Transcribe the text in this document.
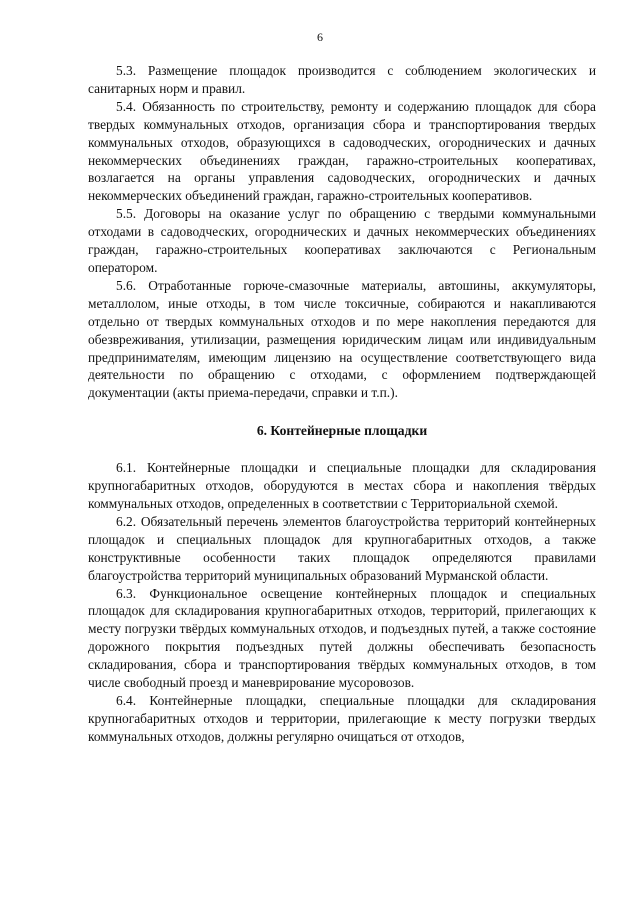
6

5.3. Размещение площадок производится с соблюдением экологических и санитарных норм и правил.

5.4. Обязанность по строительству, ремонту и содержанию площадок для сбора твердых коммунальных отходов, организация сбора и транспортирования твердых коммунальных отходов, образующихся в садоводческих, огороднических и дачных некоммерческих объединениях граждан, гаражно-строительных кооперативах, возлагается на органы управления садоводческих, огороднических и дачных некоммерческих объединений граждан, гаражно-строительных кооперативов.

5.5. Договоры на оказание услуг по обращению с твердыми коммунальными отходами в садоводческих, огороднических и дачных некоммерческих объединениях граждан, гаражно-строительных кооперативах заключаются с Региональным оператором.

5.6. Отработанные горюче-смазочные материалы, автошины, аккумуляторы, металлолом, иные отходы, в том числе токсичные, собираются и накапливаются отдельно от твердых коммунальных отходов и по мере накопления передаются для обезвреживания, утилизации, размещения юридическим лицам или индивидуальным предпринимателям, имеющим лицензию на осуществление соответствующего вида деятельности по обращению с отходами, с оформлением подтверждающей документации (акты приема-передачи, справки и т.п.).

6. Контейнерные площадки

6.1. Контейнерные площадки и специальные площадки для складирования крупногабаритных отходов, оборудуются в местах сбора и накопления твёрдых коммунальных отходов, определенных в соответствии с Территориальной схемой.

6.2. Обязательный перечень элементов благоустройства территорий контейнерных площадок и специальных площадок для крупногабаритных отходов, а также конструктивные особенности таких площадок определяются правилами благоустройства территорий муниципальных образований Мурманской области.

6.3. Функциональное освещение контейнерных площадок и специальных площадок для складирования крупногабаритных отходов, территорий, прилегающих к месту погрузки твёрдых коммунальных отходов, и подъездных путей, а также состояние дорожного покрытия подъездных путей должны обеспечивать безопасность складирования, сбора и транспортирования твёрдых коммунальных отходов, в том числе свободный проезд и маневрирование мусоровозов.

6.4. Контейнерные площадки, специальные площадки для складирования крупногабаритных отходов и территории, прилегающие к месту погрузки твердых коммунальных отходов, должны регулярно очищаться от отходов,
